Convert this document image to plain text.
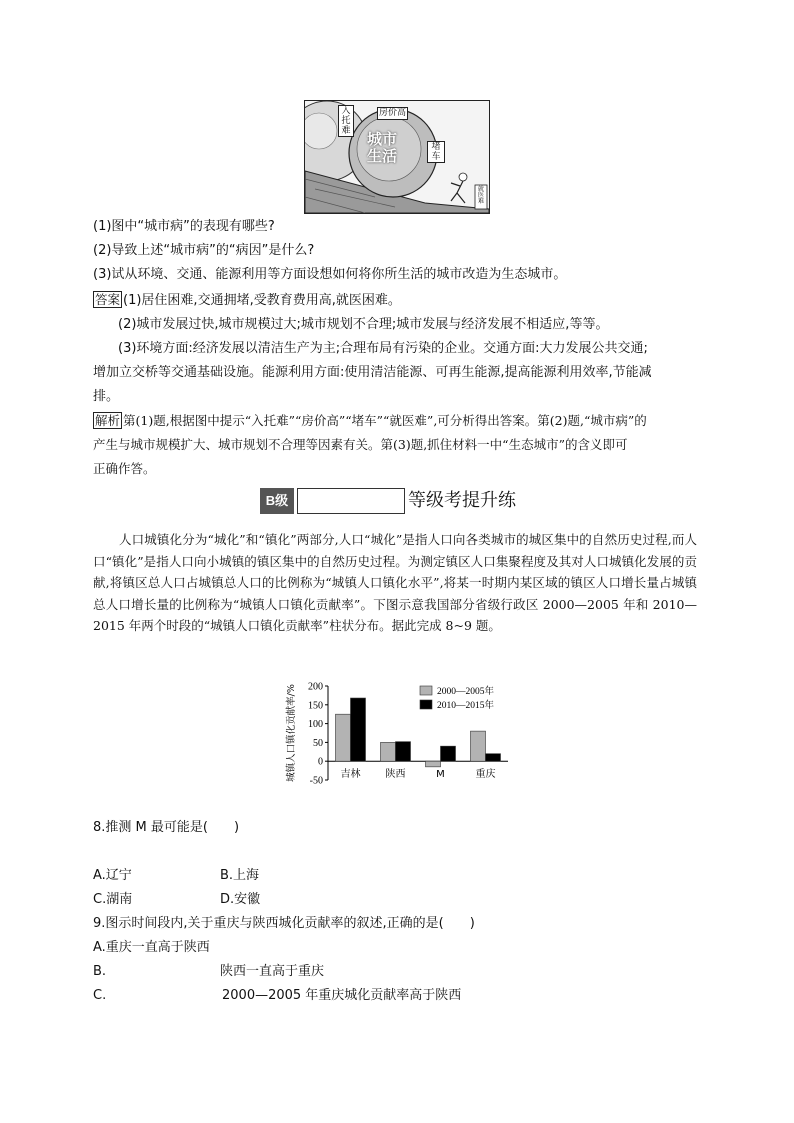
入托难
房价高
城市生活	堵车
就医难
(1)图中“城市病”的表现有哪些?
(2)导致上述“城市病”的“病因”是什么?
(3)试从环境、交通、能源利用等方面设想如何将你所生活的城市改造为生态城市。
答案 (1)居住困难,交通拥堵,受教育费用高,就医困难。
(2)城市发展过快,城市规模过大;城市规划不合理;城市发展与经济发展不相适应,等等。
(3)环境方面:经济发展以清洁生产为主;合理布局有污染的企业。交通方面:大力发展公共交通;
增加立交桥等交通基础设施。能源利用方面:使用清洁能源、可再生能源,提高能源利用效率,节能减
排。
解析 第(1)题,根据图中提示“入托难”“房价高”“堵车”“就医难”,可分析得出答案。第(2)题,“城市病”的
产生与城市规模扩大、城市规划不合理等因素有关。第(3)题,抓住材料一中“生态城市”的含义即可
正确作答。
B级	等级考提升练
人口城镇化分为“城化”和“镇化”两部分,人口“城化”是指人口向各类城市的城区集中的自然历史过程,而人口“镇化”是指人口向小城镇的镇区集中的自然历史过程。为测定镇区人口集聚程度及其对人口城镇化发展的贡献,将镇区总人口占城镇总人口的比例称为“城镇人口镇化水平”,将某一时期内某区域的镇区人口增长量占城镇总人口增长量的比例称为“城镇人口镇化贡献率”。下图示意我国部分省级行政区 2000—2005 年和 2010—2015 年两个时段的“城镇人口镇化贡献率”柱状分布。据此完成 8~9 题。
-50
0
50
100
150
200
城镇人口镇化贡献率/%	吉林	陕西	M	重庆
2000—2005年
2010—2015年
8.推测 M 最可能是(　　)
A.辽宁	B.上海
C.湖南	D.安徽
9.图示时间段内,关于重庆与陕西城化贡献率的叙述,正确的是(　　)
A.重庆一直高于陕西
B.	陕西一直高于重庆
C.	2000—2005 年重庆城化贡献率高于陕西
